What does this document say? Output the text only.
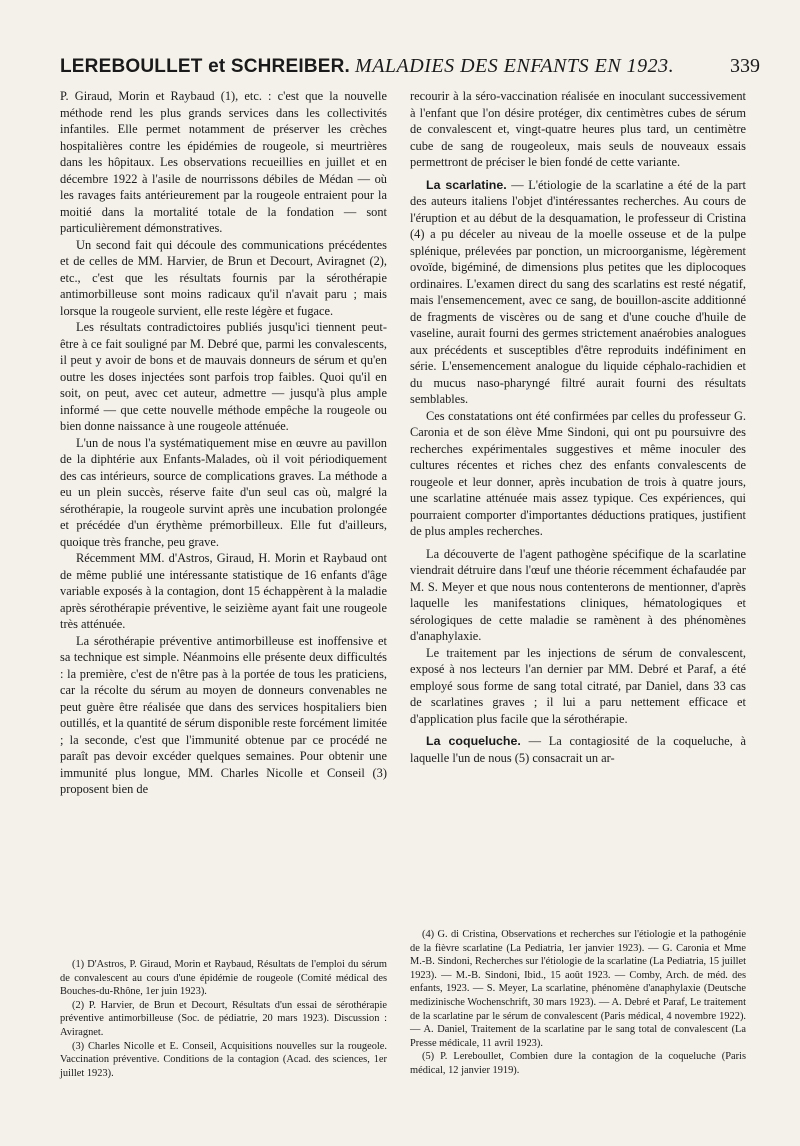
LEREBOULLET et SCHREIBER. MALADIES DES ENFANTS EN 1923.	339

P. Giraud, Morin et Raybaud (1), etc. : c'est que la nouvelle méthode rend les plus grands services dans les collectivités infantiles. Elle permet notamment de préserver les crèches hospitalières contre les épidémies de rougeole, si meurtrières dans les hôpitaux. Les observations recueillies en juillet et en décembre 1922 à l'asile de nourrissons débiles de Médan — où les ravages faits antérieurement par la rougeole entraient pour la moitié dans la mortalité totale de la fondation — sont particulièrement démonstratives.

Un second fait qui découle des communications précédentes et de celles de MM. Harvier, de Brun et Decourt, Aviragnet (2), etc., c'est que les résultats fournis par la sérothérapie antimorbilleuse sont moins radicaux qu'il n'avait paru ; mais lorsque la rougeole survient, elle reste légère et fugace.

Les résultats contradictoires publiés jusqu'ici tiennent peut-être à ce fait souligné par M. Debré que, parmi les convalescents, il peut y avoir de bons et de mauvais donneurs de sérum et qu'en outre les doses injectées sont parfois trop faibles. Quoi qu'il en soit, on peut, avec cet auteur, admettre — jusqu'à plus ample informé — que cette nouvelle méthode empêche la rougeole ou bien donne naissance à une rougeole atténuée.

L'un de nous l'a systématiquement mise en œuvre au pavillon de la diphtérie aux Enfants-Malades, où il voit périodiquement des cas intérieurs, source de complications graves. La méthode a eu un plein succès, réserve faite d'un seul cas où, malgré la sérothérapie, la rougeole survint après une incubation prolongée et précédée d'un érythème prémorbilleux. Elle fut d'ailleurs, quoique très franche, peu grave.

Récemment MM. d'Astros, Giraud, H. Morin et Raybaud ont de même publié une intéressante statistique de 16 enfants d'âge variable exposés à la contagion, dont 15 échappèrent à la maladie après sérothérapie préventive, le seizième ayant fait une rougeole très atténuée.

La sérothérapie préventive antimorbilleuse est inoffensive et sa technique est simple. Néanmoins elle présente deux difficultés : la première, c'est de n'être pas à la portée de tous les praticiens, car la récolte du sérum au moyen de donneurs convenables ne peut guère être réalisée que dans des services hospitaliers bien outillés, et la quantité de sérum disponible reste forcément limitée ; la seconde, c'est que l'immunité obtenue par ce procédé ne paraît pas devoir excéder quelques semaines. Pour obtenir une immunité plus longue, MM. Charles Nicolle et Conseil (3) proposent bien de

(1) D'Astros, P. Giraud, Morin et Raybaud, Résultats de l'emploi du sérum de convalescent au cours d'une épidémie de rougeole (Comité médical des Bouches-du-Rhône, 1er juin 1923).

(2) P. Harvier, de Brun et Decourt, Résultats d'un essai de sérothérapie préventive antimorbilleuse (Soc. de pédiatrie, 20 mars 1923). Discussion : Aviragnet.

(3) Charles Nicolle et E. Conseil, Acquisitions nouvelles sur la rougeole. Vaccination préventive. Conditions de la contagion (Acad. des sciences, 1er juillet 1923).

recourir à la séro-vaccination réalisée en inoculant successivement à l'enfant que l'on désire protéger, dix centimètres cubes de sérum de convalescent et, vingt-quatre heures plus tard, un centimètre cube de sang de rougeoleux, mais seuls de nouveaux essais permettront de préciser le bien fondé de cette variante.

La scarlatine. — L'étiologie de la scarlatine a été de la part des auteurs italiens l'objet d'intéressantes recherches. Au cours de l'éruption et au début de la desquamation, le professeur di Cristina (4) a pu déceler au niveau de la moelle osseuse et de la pulpe splénique, prélevées par ponction, un microorganisme, légèrement ovoïde, bigéminé, de dimensions plus petites que les diplocoques ordinaires. L'examen direct du sang des scarlatins est resté négatif, mais l'ensemencement, avec ce sang, de bouillon-ascite additionné de fragments de viscères ou de sang et d'une couche d'huile de vaseline, aurait fourni des germes strictement anaérobies analogues aux précédents et susceptibles d'être reproduits indéfiniment en série. L'ensemencement analogue du liquide céphalo-rachidien et du mucus naso-pharyngé filtré aurait fourni des résultats semblables.

Ces constatations ont été confirmées par celles du professeur G. Caronia et de son élève Mme Sindoni, qui ont pu poursuivre des recherches expérimentales suggestives et même inoculer des cultures récentes et riches chez des enfants convalescents de rougeole et leur donner, après incubation de trois à quatre jours, une scarlatine atténuée mais assez typique. Ces expériences, qui pourraient comporter d'importantes déductions pratiques, justifient de plus amples recherches.

La découverte de l'agent pathogène spécifique de la scarlatine viendrait détruire dans l'œuf une théorie récemment échafaudée par M. S. Meyer et que nous nous contenterons de mentionner, d'après laquelle les manifestations cliniques, hématologiques et sérologiques de cette maladie se ramènent à des phénomènes d'anaphylaxie.

Le traitement par les injections de sérum de convalescent, exposé à nos lecteurs l'an dernier par MM. Debré et Paraf, a été employé sous forme de sang total citraté, par Daniel, dans 33 cas de scarlatines graves ; il lui a paru nettement efficace et d'application plus facile que la sérothérapie.

La coqueluche. — La contagiosité de la coqueluche, à laquelle l'un de nous (5) consacrait un ar-

(4) G. di Cristina, Observations et recherches sur l'étiologie et la pathogénie de la fièvre scarlatine (La Pediatria, 1er janvier 1923). — G. Caronia et Mme M.-B. Sindoni, Recherches sur l'étiologie de la scarlatine (La Pediatria, 15 juillet 1923). — M.-B. Sindoni, Ibid., 15 août 1923. — Comby, Arch. de méd. des enfants, 1923. — S. Meyer, La scarlatine, phénomène d'anaphylaxie (Deutsche medizinische Wochenschrift, 30 mars 1923). — A. Debré et Paraf, Le traitement de la scarlatine par le sérum de convalescent (Paris médical, 4 novembre 1922). — A. Daniel, Traitement de la scarlatine par le sang total de convalescent (La Presse médicale, 11 avril 1923).

(5) P. Lereboullet, Combien dure la contagion de la coqueluche (Paris médical, 12 janvier 1919).
